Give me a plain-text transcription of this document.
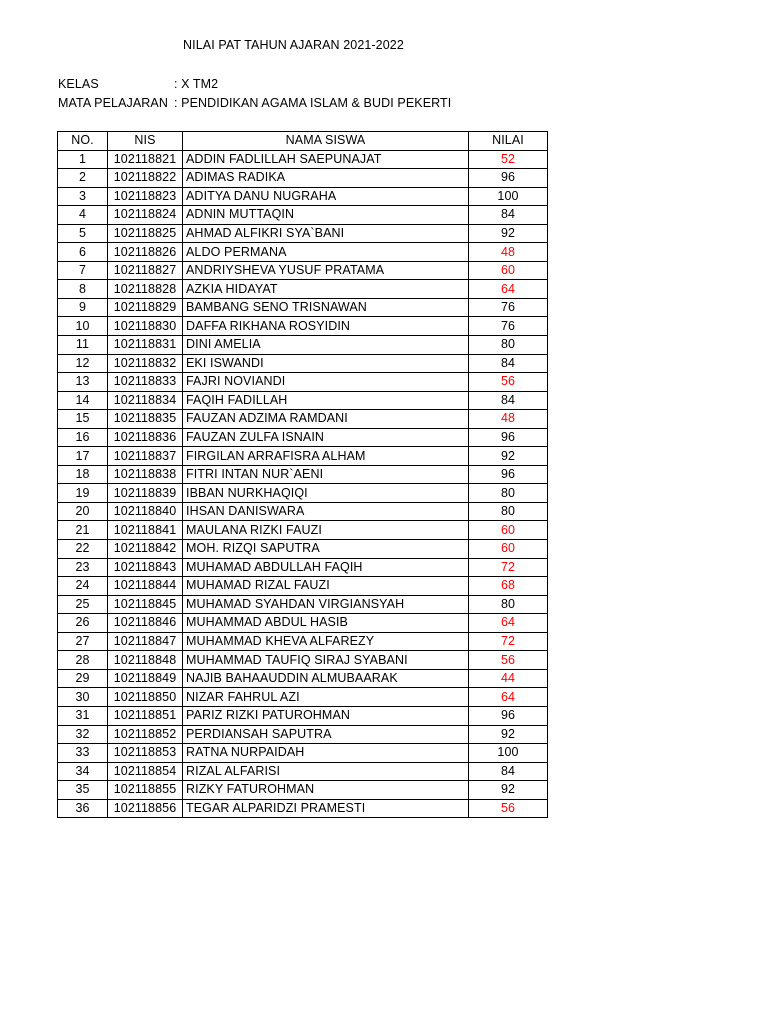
NILAI PAT TAHUN AJARAN 2021-2022
KELAS	: X TM2
MATA PELAJARAN : PENDIDIKAN AGAMA ISLAM & BUDI PEKERTI
NO.	NIS	NAMA SISWA	NILAI
1	102118821	ADDIN FADLILLAH SAEPUNAJAT	52
2	102118822	ADIMAS RADIKA	96
3	102118823	ADITYA DANU NUGRAHA	100
4	102118824	ADNIN MUTTAQIN	84
5	102118825	AHMAD ALFIKRI SYA`BANI	92
6	102118826	ALDO PERMANA	48
7	102118827	ANDRIYSHEVA YUSUF PRATAMA	60
8	102118828	AZKIA HIDAYAT	64
9	102118829	BAMBANG SENO TRISNAWAN	76
10	102118830	DAFFA RIKHANA ROSYIDIN	76
11	102118831	DINI AMELIA	80
12	102118832	EKI ISWANDI	84
13	102118833	FAJRI NOVIANDI	56
14	102118834	FAQIH FADILLAH	84
15	102118835	FAUZAN ADZIMA RAMDANI	48
16	102118836	FAUZAN ZULFA ISNAIN	96
17	102118837	FIRGILAN ARRAFISRA ALHAM	92
18	102118838	FITRI INTAN NUR`AENI	96
19	102118839	IBBAN NURKHAQIQI	80
20	102118840	IHSAN DANISWARA	80
21	102118841	MAULANA RIZKI FAUZI	60
22	102118842	MOH. RIZQI SAPUTRA	60
23	102118843	MUHAMAD ABDULLAH FAQIH	72
24	102118844	MUHAMAD RIZAL FAUZI	68
25	102118845	MUHAMAD SYAHDAN VIRGIANSYAH	80
26	102118846	MUHAMMAD ABDUL HASIB	64
27	102118847	MUHAMMAD KHEVA ALFAREZY	72
28	102118848	MUHAMMAD TAUFIQ SIRAJ SYABANI	56
29	102118849	NAJIB BAHAAUDDIN ALMUBAARAK	44
30	102118850	NIZAR FAHRUL AZI	64
31	102118851	PARIZ RIZKI PATUROHMAN	96
32	102118852	PERDIANSAH SAPUTRA	92
33	102118853	RATNA NURPAIDAH	100
34	102118854	RIZAL ALFARISI	84
35	102118855	RIZKY FATUROHMAN	92
36	102118856	TEGAR ALPARIDZI PRAMESTI	56
